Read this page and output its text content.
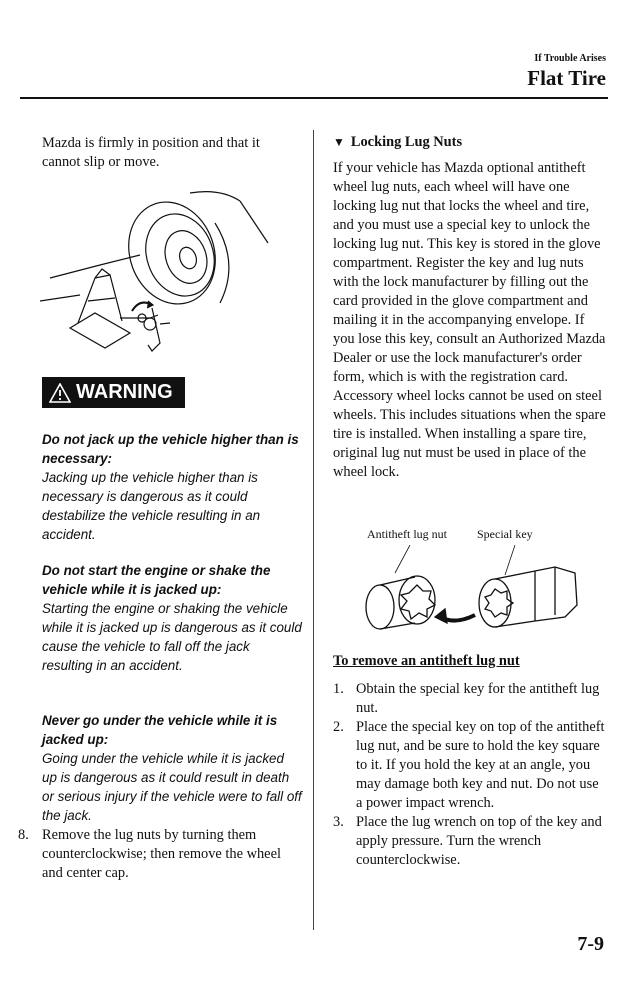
If Trouble Arises
Flat Tire

Mazda is firmly in position and that it cannot slip or move.

WARNING

Do not jack up the vehicle higher than is necessary:

Jacking up the vehicle higher than is necessary is dangerous as it could destabilize the vehicle resulting in an accident.

Do not start the engine or shake the vehicle while it is jacked up:

Starting the engine or shaking the vehicle while it is jacked up is dangerous as it could cause the vehicle to fall off the jack resulting in an accident.

Never go under the vehicle while it is jacked up:

Going under the vehicle while it is jacked up is dangerous as it could result in death or serious injury if the vehicle were to fall off the jack.

8. Remove the lug nuts by turning them counterclockwise; then remove the wheel and center cap.
▼ Locking Lug Nuts

If your vehicle has Mazda optional antitheft wheel lug nuts, each wheel will have one locking lug nut that locks the wheel and tire, and you must use a special key to unlock the locking lug nut. This key is stored in the glove compartment. Register the key and lug nuts with the lock manufacturer by filling out the card provided in the glove compartment and mailing it in the accompanying envelope. If you lose this key, consult an Authorized Mazda Dealer or use the lock manufacturer's order form, which is with the registration card.

Accessory wheel locks cannot be used on steel wheels. This includes situations when the spare tire is installed. When installing a spare tire, original lug nut must be used in place of the wheel lock.

Antitheft lug nut	Special key
To remove an antitheft lug nut
1. Obtain the special key for the antitheft lug nut.
2. Place the special key on top of the antitheft lug nut, and be sure to hold the key square to it. If you hold the key at an angle, you may damage both key and nut. Do not use a power impact wrench.
3. Place the lug wrench on top of the key and apply pressure. Turn the wrench counterclockwise.
7-9
